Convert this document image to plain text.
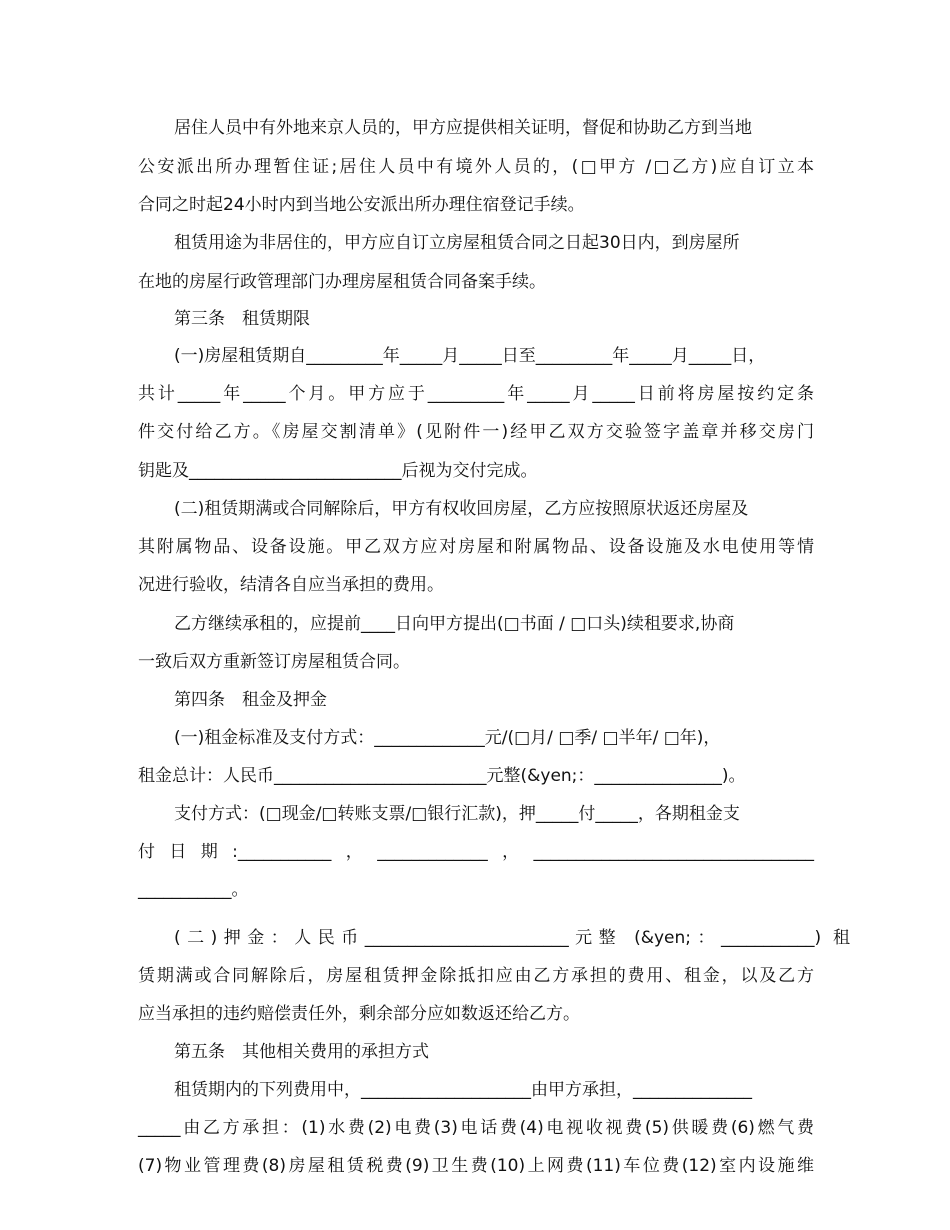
居住人员中有外地来京人员的，甲方应提供相关证明，督促和协助乙方到当地
公安派出所办理暂住证;居住人员中有境外人员的，(□甲方 /□乙方)应自订立本
合同之时起24小时内到当地公安派出所办理住宿登记手续。
租赁用途为非居住的，甲方应自订立房屋租赁合同之日起30日内，到房屋所
在地的房屋行政管理部门办理房屋租赁合同备案手续。
第三条　租赁期限
(一)房屋租赁期自_________年_____月_____日至_________年_____月_____日，
共计_____年_____个月。甲方应于_________年_____月_____日前将房屋按约定条
件交付给乙方。《房屋交割清单》(见附件一)经甲乙双方交验签字盖章并移交房门
钥匙及_________________________后视为交付完成。
(二)租赁期满或合同解除后，甲方有权收回房屋，乙方应按照原状返还房屋及
其附属物品、设备设施。甲乙双方应对房屋和附属物品、设备设施及水电使用等情
况进行验收，结清各自应当承担的费用。
乙方继续承租的，应提前____日向甲方提出(□书面 / □口头)续租要求,协商
一致后双方重新签订房屋租赁合同。
第四条　租金及押金
(一)租金标准及支付方式：_____________元/(□月/ □季/ □半年/ □年)，
租金总计：人民币_________________________元整(&yen;：_______________)。
支付方式：(□现金/□转账支票/□银行汇款)，押_____付_____，各期租金支
付日期:___________，_____________，_________________________________
___________。
(二)押金：人民币________________________元整 (&yen;：___________) 租
赁期满或合同解除后，房屋租赁押金除抵扣应由乙方承担的费用、租金，以及乙方
应当承担的违约赔偿责任外，剩余部分应如数返还给乙方。
第五条　其他相关费用的承担方式
租赁期内的下列费用中，____________________由甲方承担，______________
_____由乙方承担：(1)水费(2)电费(3)电话费(4)电视收视费(5)供暖费(6)燃气费
(7)物业管理费(8)房屋租赁税费(9)卫生费(10)上网费(11)车位费(12)室内设施维
